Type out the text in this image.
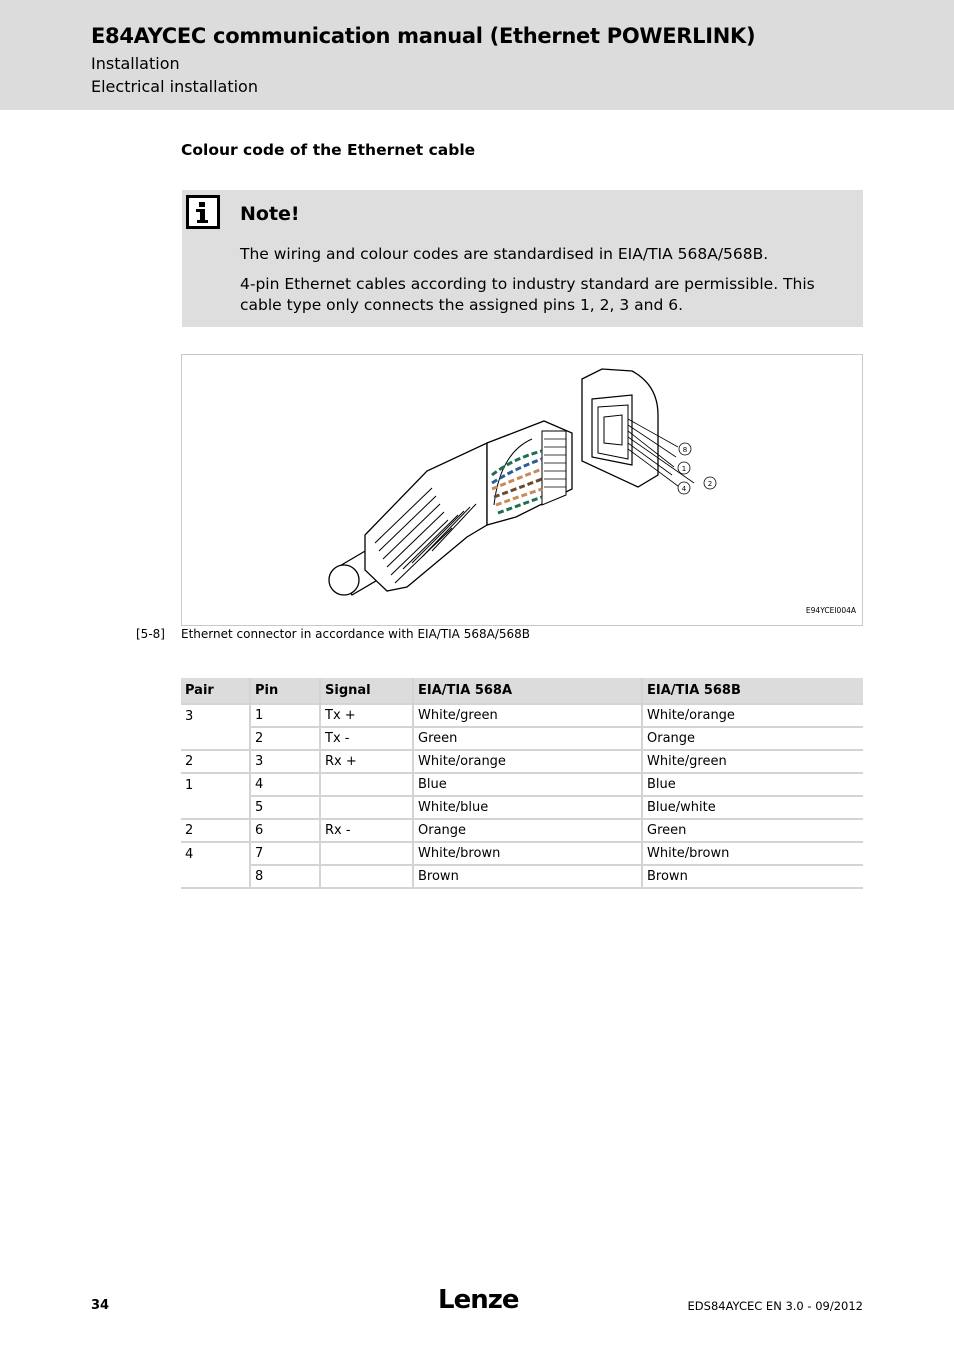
E84AYCEC communication manual (Ethernet POWERLINK)
Installation
Electrical installation
Colour code of the Ethernet cable
Note!
The wiring and colour codes are standardised in EIA/TIA 568A/568B.
4-pin Ethernet cables according to industry standard are permissible. This cable type only connects the assigned pins 1, 2, 3 and 6.
8
1
4
2
E94YCEI004A
[5-8] Ethernet connector in accordance with EIA/TIA 568A/568B
Pair	Pin	Signal	EIA/TIA 568A	EIA/TIA 568B
3	1	Tx +	White/green	White/orange
	2	Tx -	Green	Orange
2	3	Rx +	White/orange	White/green
1	4		Blue	Blue
	5		White/blue	Blue/white
2	6	Rx -	Orange	Green
4	7		White/brown	White/brown
	8		Brown	Brown
34	Lenze	EDS84AYCEC EN 3.0 - 09/2012
